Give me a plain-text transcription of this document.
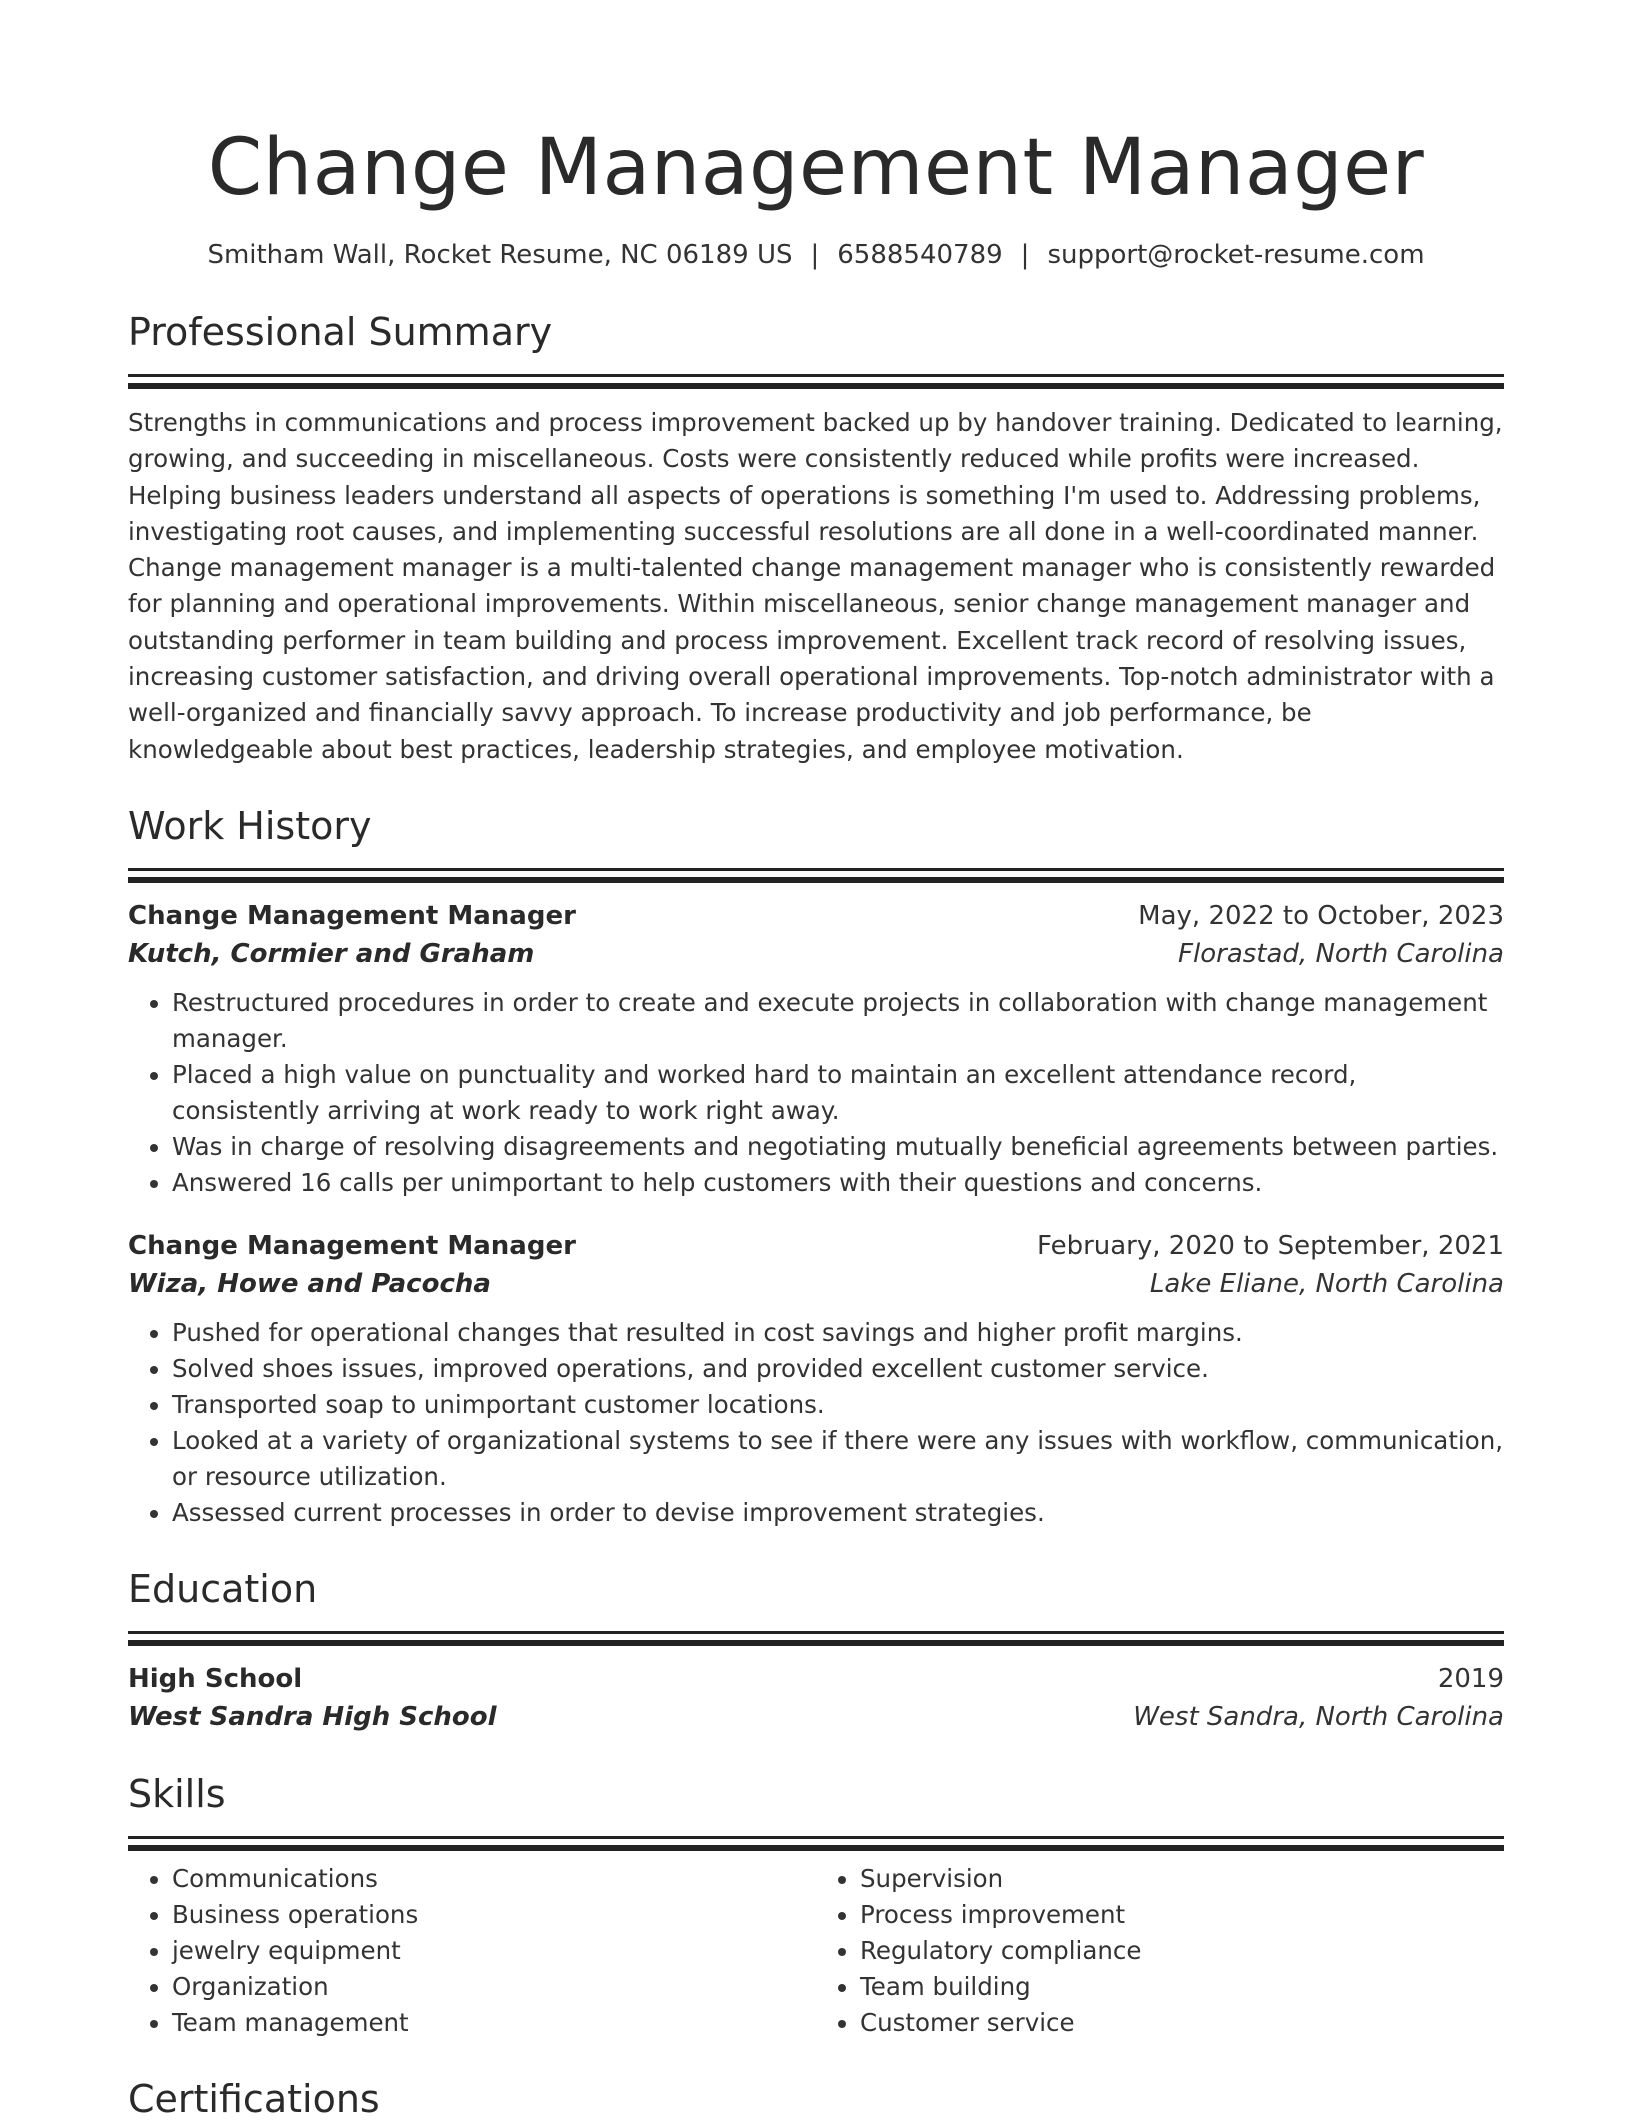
Change Management Manager
Smitham Wall, Rocket Resume, NC 06189 US | 6588540789 | support@rocket-resume.com
Professional Summary
Strengths in communications and process improvement backed up by handover training. Dedicated to learning, growing, and succeeding in miscellaneous. Costs were consistently reduced while profits were increased. Helping business leaders understand all aspects of operations is something I'm used to. Addressing problems, investigating root causes, and implementing successful resolutions are all done in a well-coordinated manner. Change management manager is a multi-talented change management manager who is consistently rewarded for planning and operational improvements. Within miscellaneous, senior change management manager and outstanding performer in team building and process improvement. Excellent track record of resolving issues, increasing customer satisfaction, and driving overall operational improvements. Top-notch administrator with a well-organized and financially savvy approach. To increase productivity and job performance, be knowledgeable about best practices, leadership strategies, and employee motivation.
Work History
Change Management Manager	May, 2022 to October, 2023
Kutch, Cormier and Graham	Florastad, North Carolina
• Restructured procedures in order to create and execute projects in collaboration with change management manager.
• Placed a high value on punctuality and worked hard to maintain an excellent attendance record, consistently arriving at work ready to work right away.
• Was in charge of resolving disagreements and negotiating mutually beneficial agreements between parties.
• Answered 16 calls per unimportant to help customers with their questions and concerns.
Change Management Manager	February, 2020 to September, 2021
Wiza, Howe and Pacocha	Lake Eliane, North Carolina
• Pushed for operational changes that resulted in cost savings and higher profit margins.
• Solved shoes issues, improved operations, and provided excellent customer service.
• Transported soap to unimportant customer locations.
• Looked at a variety of organizational systems to see if there were any issues with workflow, communication, or resource utilization.
• Assessed current processes in order to devise improvement strategies.
Education
High School	2019
West Sandra High School	West Sandra, North Carolina
Skills
• Communications
• Business operations
• jewelry equipment
• Organization
• Team management
• Supervision
• Process improvement
• Regulatory compliance
• Team building
• Customer service
Certifications
